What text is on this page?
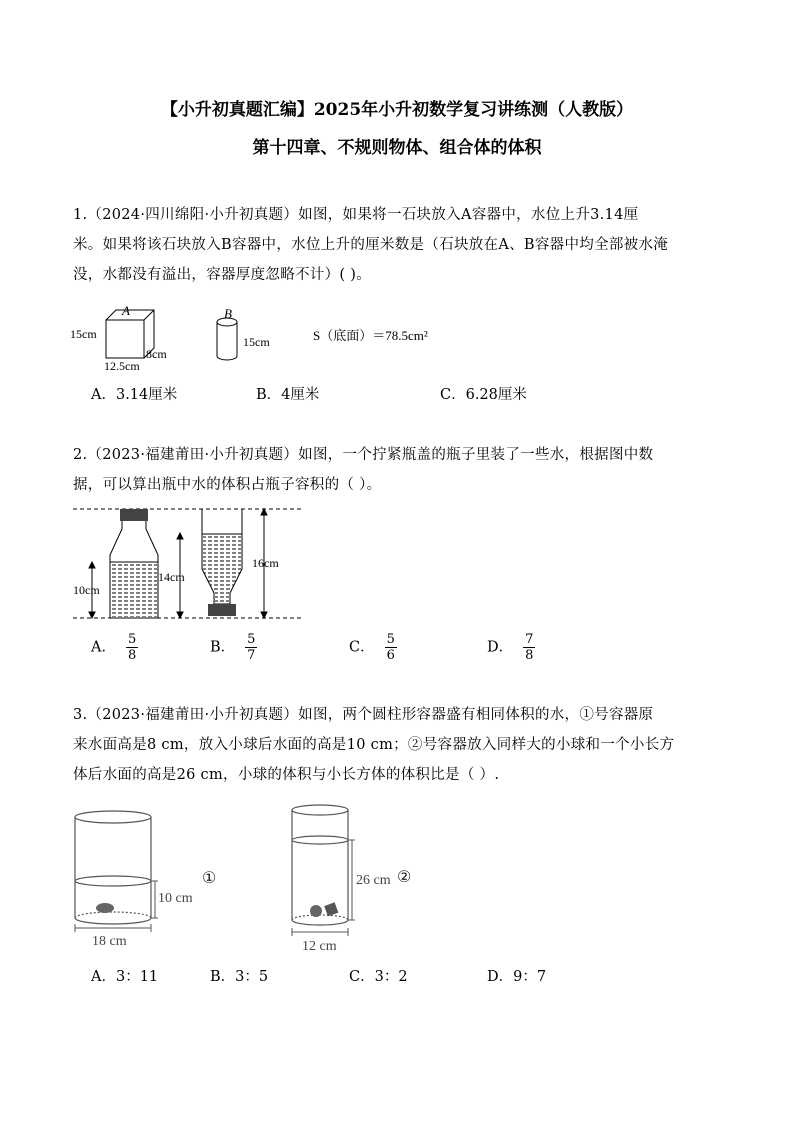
【小升初真题汇编】2025年小升初数学复习讲练测（人教版）
第十四章、不规则物体、组合体的体积
1.（2024·四川绵阳·小升初真题）如图，如果将一石块放入A容器中，水位上升3.14厘
米。如果将该石块放入B容器中，水位上升的厘米数是（石块放在A、B容器中均全部被水淹
没，水都没有溢出，容器厚度忽略不计）( )。
A
15cm
12.5cm
8cm
B
15cm	S（底面）＝78.5cm²
A．3.14厘米	B．4厘米	C．6.28厘米
2.（2023·福建莆田·小升初真题）如图，一个拧紧瓶盖的瓶子里装了一些水，根据图中数
据，可以算出瓶中水的体积占瓶子容积的（ ）。
10cm
14cm
16cm
A． $\frac{5}{8}$	B． $\frac{5}{7}$	C． $\frac{5}{6}$	D． $\frac{7}{8}$
3.（2023·福建莆田·小升初真题）如图，两个圆柱形容器盛有相同体积的水，①号容器原
来水面高是8 cm，放入小球后水面的高是10 cm；②号容器放入同样大的小球和一个小长方
体后水面的高是26 cm，小球的体积与小长方体的体积比是（ ）.
10 cm
18 cm
①	26 cm ②
12 cm
A．3：11	B．3：5	C．3：2	D．9：7
